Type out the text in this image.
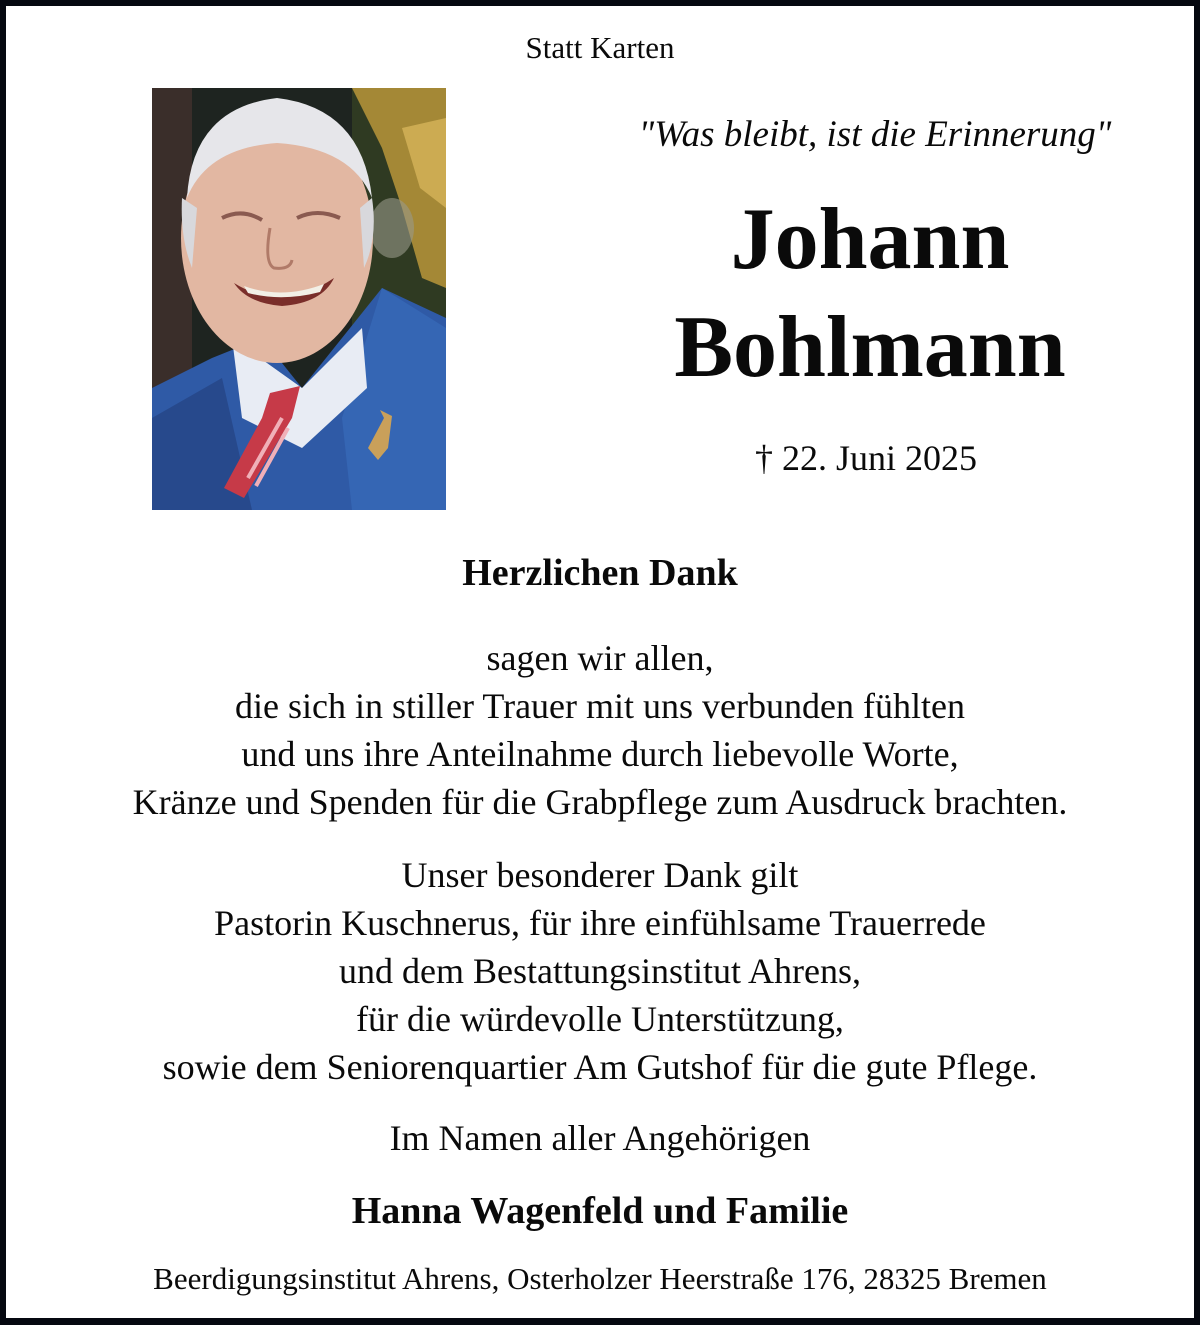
Statt Karten
"Was bleibt, ist die Erinnerung"
Johann
Bohlmann
† 22. Juni 2025
Herzlichen Dank
sagen wir allen,
die sich in stiller Trauer mit uns verbunden fühlten
und uns ihre Anteilnahme durch liebevolle Worte,
Kränze und Spenden für die Grabpflege zum Ausdruck brachten.
Unser besonderer Dank gilt
Pastorin Kuschnerus, für ihre einfühlsame Trauerrede
und dem Bestattungsinstitut Ahrens,
für die würdevolle Unterstützung,
sowie dem Seniorenquartier Am Gutshof für die gute Pflege.
Im Namen aller Angehörigen
Hanna Wagenfeld und Familie
Beerdigungsinstitut Ahrens, Osterholzer Heerstraße 176, 28325 Bremen
